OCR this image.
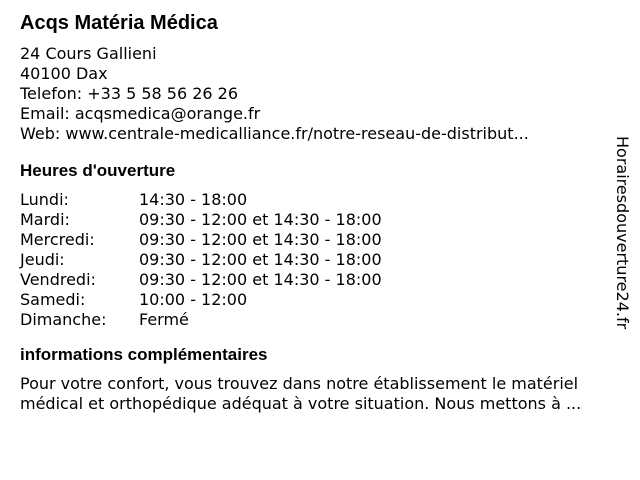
Acqs Matéria Médica
24 Cours Gallieni
40100 Dax
Telefon: +33 5 58 56 26 26
Email: acqsmedica@orange.fr
Web: www.centrale-medicalliance.fr/notre-reseau-de-distribut...
Heures d'ouverture
Lundi:	14:30 - 18:00
Mardi:	09:30 - 12:00 et 14:30 - 18:00
Mercredi:	09:30 - 12:00 et 14:30 - 18:00
Jeudi:	09:30 - 12:00 et 14:30 - 18:00
Vendredi:	09:30 - 12:00 et 14:30 - 18:00
Samedi:	10:00 - 12:00
Dimanche:	Fermé
informations complémentaires
Pour votre confort, vous trouvez dans notre établissement le matériel
médical et orthopédique adéquat à votre situation. Nous mettons à ...
Horairesdouverture24.fr
